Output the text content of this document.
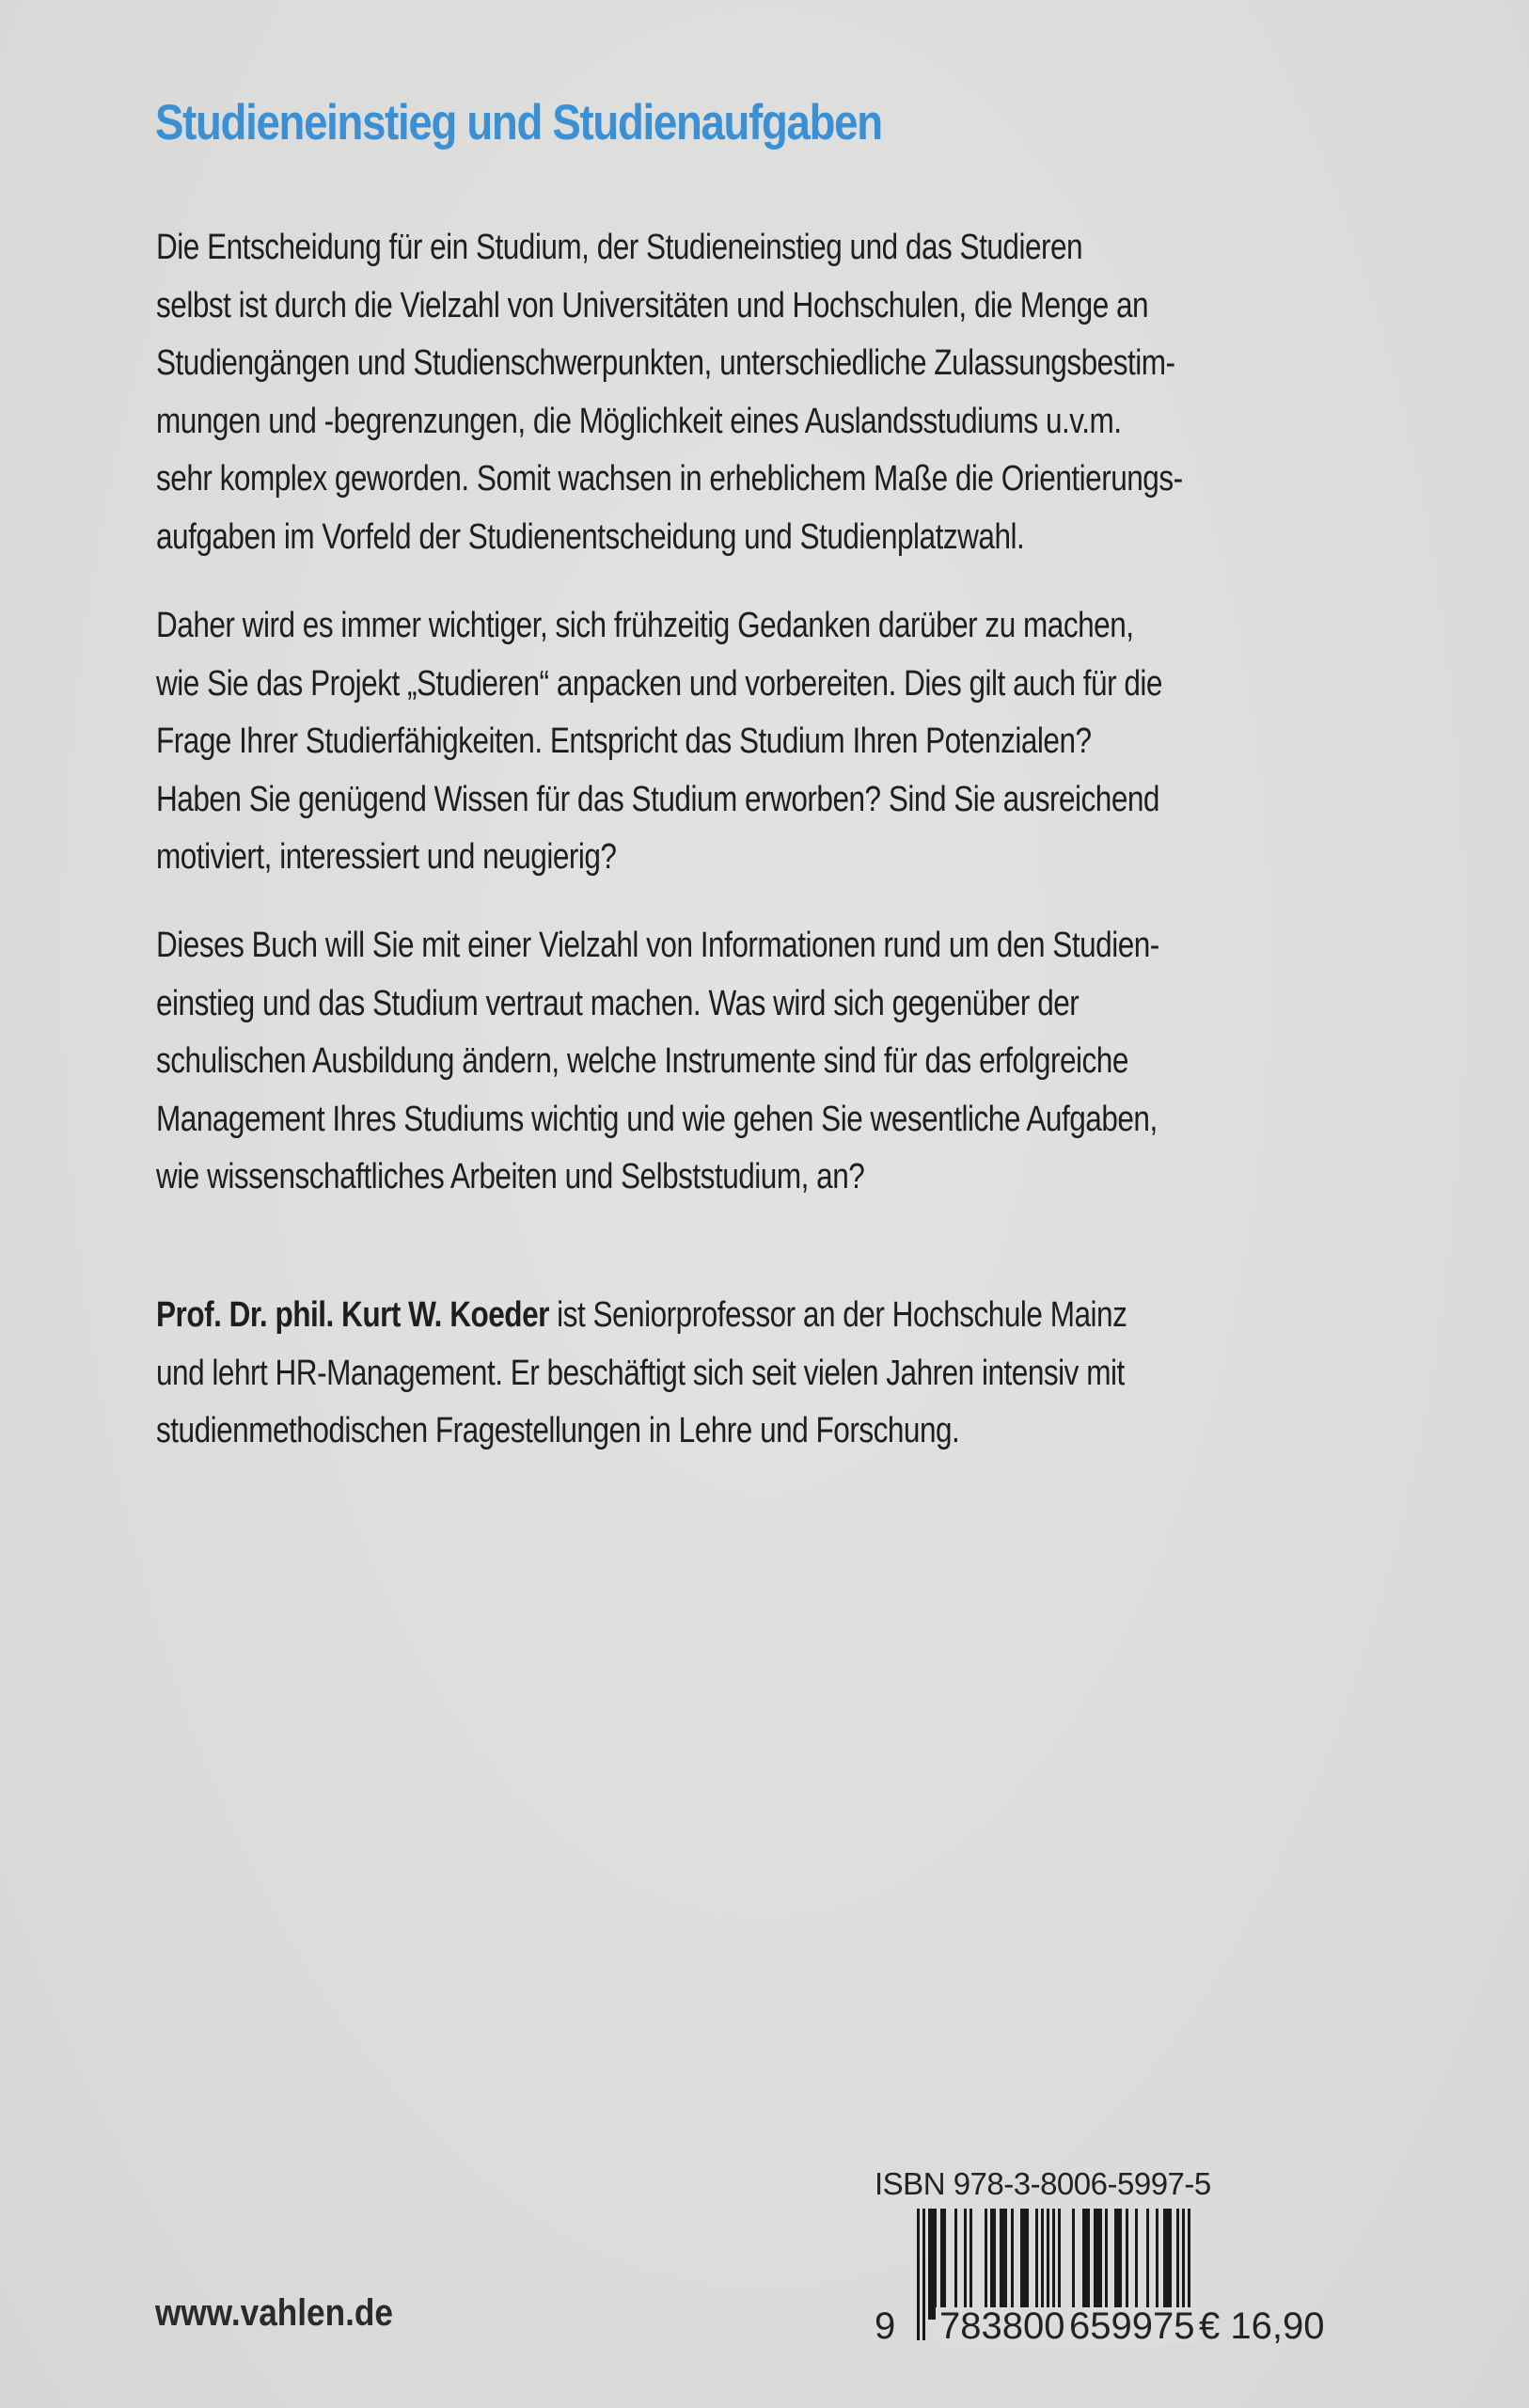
Studieneinstieg und Studienaufgaben

Die Entscheidung für ein Studium, der Studieneinstieg und das Studieren
selbst ist durch die Vielzahl von Universitäten und Hochschulen, die Menge an
Studiengängen und Studienschwerpunkten, unterschiedliche Zulassungsbestim-
mungen und -begrenzungen, die Möglichkeit eines Auslandsstudiums u.v.m.
sehr komplex geworden. Somit wachsen in erheblichem Maße die Orientierungs-
aufgaben im Vorfeld der Studienentscheidung und Studienplatzwahl.

Daher wird es immer wichtiger, sich frühzeitig Gedanken darüber zu machen,
wie Sie das Projekt „Studieren“ anpacken und vorbereiten. Dies gilt auch für die
Frage Ihrer Studierfähigkeiten. Entspricht das Studium Ihren Potenzialen?
Haben Sie genügend Wissen für das Studium erworben? Sind Sie ausreichend
motiviert, interessiert und neugierig?

Dieses Buch will Sie mit einer Vielzahl von Informationen rund um den Studien-
einstieg und das Studium vertraut machen. Was wird sich gegenüber der
schulischen Ausbildung ändern, welche Instrumente sind für das erfolgreiche
Management Ihres Studiums wichtig und wie gehen Sie wesentliche Aufgaben,
wie wissenschaftliches Arbeiten und Selbststudium, an?

Prof. Dr. phil. Kurt W. Koeder ist Seniorprofessor an der Hochschule Mainz
und lehrt HR-Management. Er beschäftigt sich seit vielen Jahren intensiv mit
studienmethodischen Fragestellungen in Lehre und Forschung.

www.vahlen.de
ISBN 978-3-8006-5997-5
9 783800 659975 € 16,90
